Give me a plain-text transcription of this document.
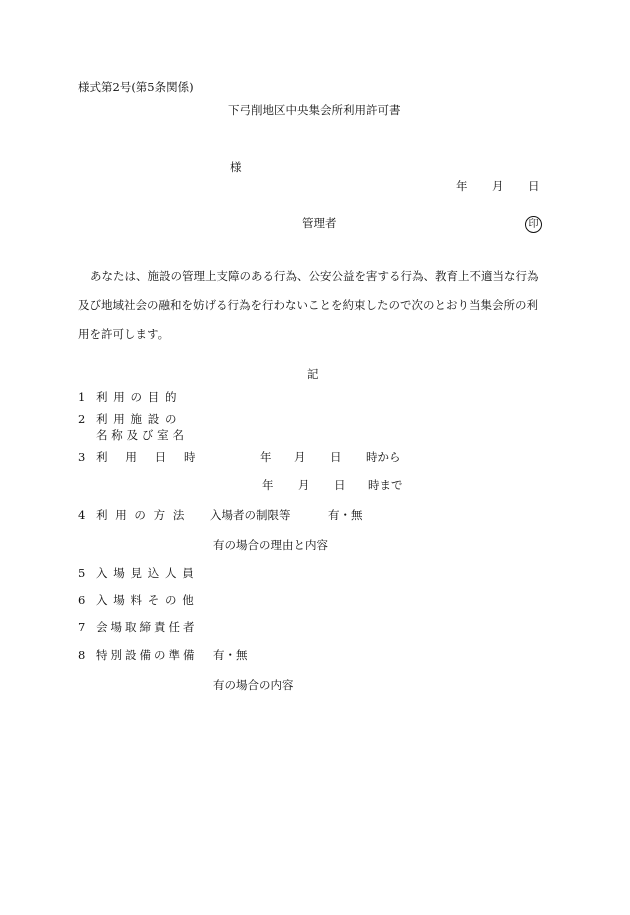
様式第2号(第5条関係)
下弓削地区中央集会所利用許可書
様
年 月 日
管理者	印

あなたは、施設の管理上支障のある行為、公安公益を害する行為、教育上不適当な行為

及び地域社会の融和を妨げる行為を行わないことを約束したので次のとおり当集会所の利

用を許可します。

記
1 利用の目的
2 利用施設の
名称及び室名
3 利用日時	年 月 日 時から
年 月 日 時まで
4 利用の方法 入場者の制限等	有・無
有の場合の理由と内容
5 入場見込人員
6 入場料その他
7 会場取締責任者
8 特別設備の準備 有・無
有の場合の内容
